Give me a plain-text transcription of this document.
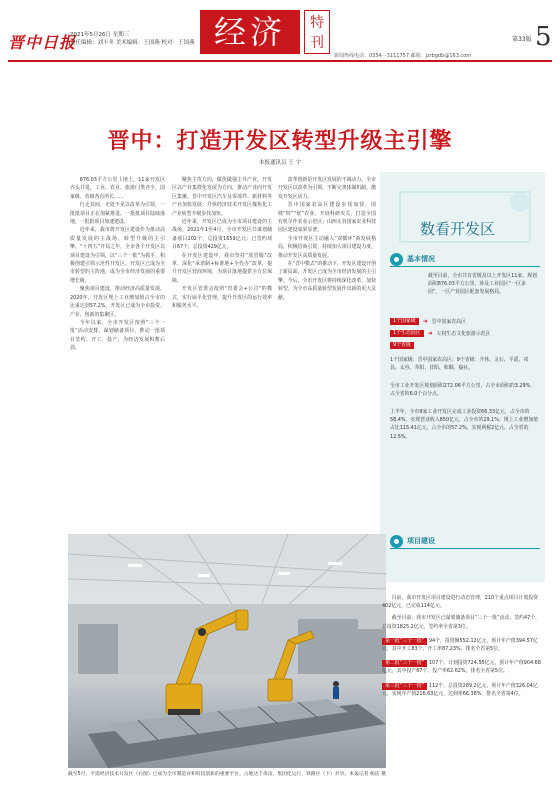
晋中日报
2021年5月26日 星期三
责任编辑：刘丰冬 美术编辑：王国燕 校对：王国燕 经济	特刊
新闻热线电话：0354－3111757 邮箱：jzrbgdb@163.com
第33版 5
晋中：打造开发区转型升级主引擎
本报通讯员 王 宇

876.03平方公里土地上，11家开发区齐头并进，工业、农业、旅游门类齐全，国家级、省级各有所长……

行走其间，无处不见以改革为引领，一批批项目正在加紧推进，一批批项目陆续落地，一批批项目加速建设。

近年来，我市将开发区建设作为推动高质量发展的主战场、转型升级的主引擎，“十四五”开局之年，全市各个开发区以项目建设为引领，以“三个一批”为抓手，积极创建引领示范性开发区。开发区已成为全市转型的主阵地，成为全市经济发展的重要增长极。

聚焦项目建设，推动经济高质量发展。2020年，开发区规上工业增加值占全市的比重达到57.2%，开发区已成为全市投资、产业、创新的集聚区。

今年以来，全市开发区按照“三个一批”活动安排，谋划储备项目，推动一批项目签约、开工、投产，为经济发展积蓄后劲。

聚焦主攻方向，做优做强主导产业。开发区以产业集群化发展为方向，推动产业向开发区集聚。晋中开发区汽车及零部件、新材料等产业加快发展；介休经济技术开发区煤焦化工产业转型升级步伐加快。

近年来，开发区已成为全市项目建设的主战场。2021年1至4月，全市开发区共谋划储备项目202个，总投资1659亿元；已签约项目67个，总投资429亿元。

在开发区建设中，我市坚持“放管服”改革，深化“承诺制+标准地+全代办”改革，提升开发区营商环境，为项目落地提供全方位保障。

开发区管委会按照“管委会+公司”的模式，实行扁平化管理，提升开发区的运行效率和服务水平。

改革创新是开发区发展的不竭动力。全市开发区以改革为引领，不断完善体制机制，激发开发区活力。

晋中国家农高区建设步伐加快，围绕“特”“优”农业，开展科研攻关，打造全国有机旱作农业示范区；山西太谷国家农业科技园区建设成果显著。

全市开发区主动融入“双循环”新发展格局，积极招商引资，持续加大项目建设力度，推动开发区高质量发展。

在“晋中模式”的推动下，开发区建设开创了新局面，开发区已成为全市经济发展的主引擎。今后，全市开发区将持续深化改革，加快转型，为全市高质量转型发展作出新的更大贡献。

数看开发区
基本情况
截至目前，全市共有省级及以上开发区11家，规划面积876.03平方公里，涉及工业园区“一区多园”，一区产业园区配套发展格局。
1个国家级	➜ 晋中国家农高区
1个生态园区	➜ 左权生态文化旅游示范区
9个省级
1个国家级：晋中国家农高区；9个省级：介休、灵石、平遥、祁县、太谷、寿阳、昔阳、和顺、榆社。
全市工业开发区规划面积272.06平方公里，占全市面积的3.29%，占全省的6.0个百分点。
上半年，全市9家工业开发区完成工业投资66.33亿元，占全市的58.4%，实现营业收入850亿元，占全市的29.1%；规上工业增加值占比115.41亿元，占全市的57.2%，实现利税2亿元，占全省的12.5%。
项目建设
截至5月，平遥经济技术开发区（右图）已成为全市制造业和科技创新的重要平台。占地达千余亩，集团化运行，铁路区（下）共享。本报记者 杨洁 摄

目前，我市开发区项目建设进行动态管理，210个重点项目计划投资402亿元，已完成114亿元。

截至目前，我市开发区已谋划储备项目“三个一批”活动，签约47个，总投资1825.2亿元，签约率全省第3位。

第一批“三个一批” 94个，投资额552.12亿元，预计年产值394.57亿元，其中开工83个，开工率87.23%，排名全省第5位。
第二批“三个一批” 107个，计划投资724.95亿元，预计年产值904.68亿元，其中投产67个，投产率62.62%，排名全省第5位。
第三批“三个一批” 112个，总投资289.2亿元，预计年产值326.04亿元，实现年产值216.63亿元，达到率66.38%，排名全省第4位。
